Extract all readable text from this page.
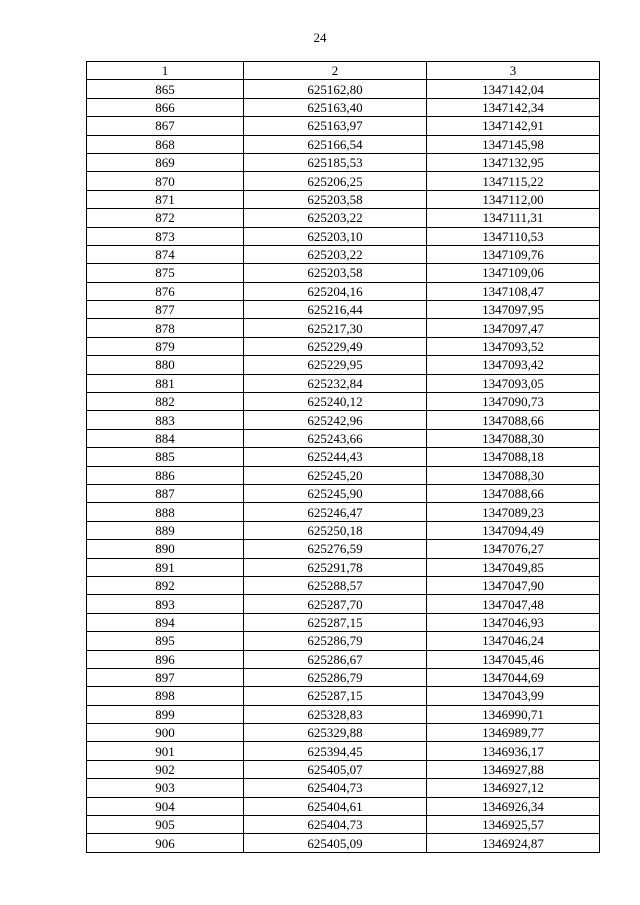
24
1	2	3
865	625162,80	1347142,04
866	625163,40	1347142,34
867	625163,97	1347142,91
868	625166,54	1347145,98
869	625185,53	1347132,95
870	625206,25	1347115,22
871	625203,58	1347112,00
872	625203,22	1347111,31
873	625203,10	1347110,53
874	625203,22	1347109,76
875	625203,58	1347109,06
876	625204,16	1347108,47
877	625216,44	1347097,95
878	625217,30	1347097,47
879	625229,49	1347093,52
880	625229,95	1347093,42
881	625232,84	1347093,05
882	625240,12	1347090,73
883	625242,96	1347088,66
884	625243,66	1347088,30
885	625244,43	1347088,18
886	625245,20	1347088,30
887	625245,90	1347088,66
888	625246,47	1347089,23
889	625250,18	1347094,49
890	625276,59	1347076,27
891	625291,78	1347049,85
892	625288,57	1347047,90
893	625287,70	1347047,48
894	625287,15	1347046,93
895	625286,79	1347046,24
896	625286,67	1347045,46
897	625286,79	1347044,69
898	625287,15	1347043,99
899	625328,83	1346990,71
900	625329,88	1346989,77
901	625394,45	1346936,17
902	625405,07	1346927,88
903	625404,73	1346927,12
904	625404,61	1346926,34
905	625404,73	1346925,57
906	625405,09	1346924,87
